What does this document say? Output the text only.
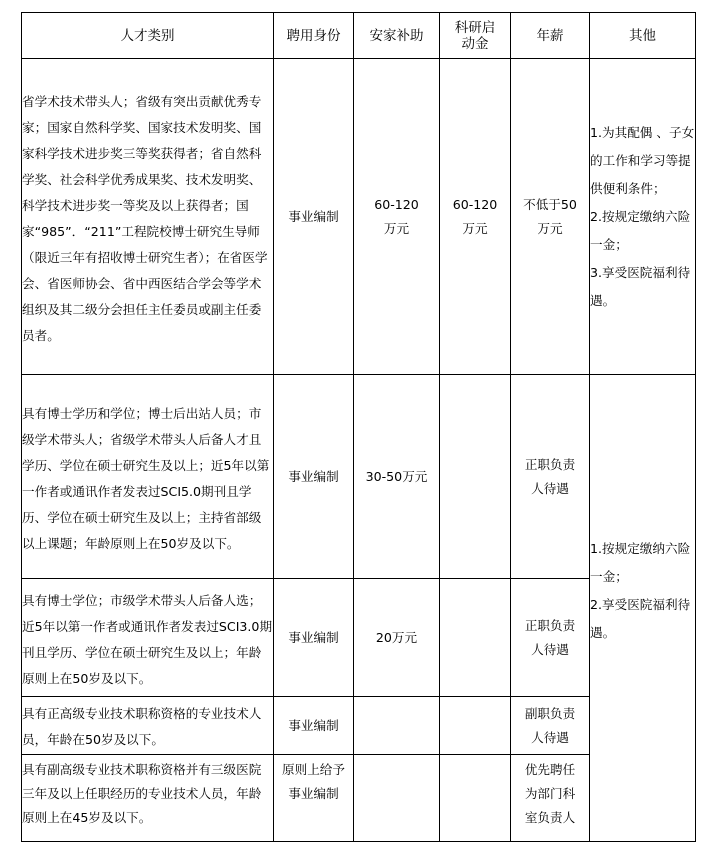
人才类别	聘用身份	安家补助	科研启动金	年薪	其他
省学术技术带头人；省级有突出贡献优秀专家；国家自然科学奖、国家技术发明奖、国家科学技术进步奖三等奖获得者；省自然科学奖、社会科学优秀成果奖、技术发明奖、科学技术进步奖一等奖及以上获得者；国家“985”．“211”工程院校博士研究生导师（限近三年有招收博士研究生者）；在省医学会、省医师协会、省中西医结合学会等学术组织及其二级分会担任主任委员或副主任委员者。	事业编制	60-120万元	60-120万元	不低于50万元	1.为其配偶 、子女的工作和学习等提供便利条件；
2.按规定缴纳六险一金；
3.享受医院福利待遇。

具有博士学历和学位；博士后出站人员；市级学术带头人；省级学术带头人后备人才且学历、学位在硕士研究生及以上；近5年以第一作者或通讯作者发表过SCI5.0期刊且学历、学位在硕士研究生及以上；主持省部级以上课题；年龄原则上在50岁及以下。	事业编制	30-50万元		正职负责人待遇	1.按规定缴纳六险一金；
2.享受医院福利待遇。

具有博士学位；市级学术带头人后备人选；近5年以第一作者或通讯作者发表过SCI3.0期刊且学历、学位在硕士研究生及以上；年龄原则上在50岁及以下。	事业编制	20万元		正职负责人待遇	
具有正高级专业技术职称资格的专业技术人员，年龄在50岁及以下。	事业编制			副职负责人待遇	

具有副高级专业技术职称资格并有三级医院三年及以上任职经历的专业技术人员，年龄原则上在45岁及以下。	原则上给予事业编制			优先聘任为部门科室负责人	
